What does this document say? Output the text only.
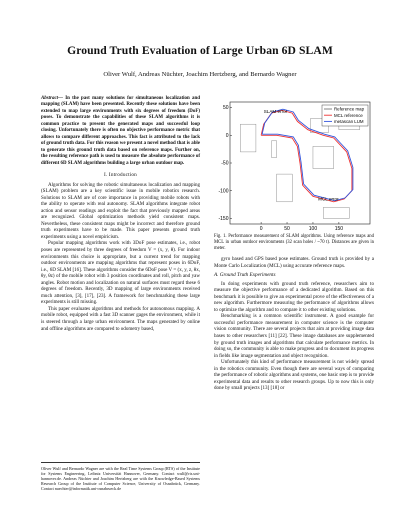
Ground Truth Evaluation of Large Urban 6D SLAM
Oliver Wulf, Andreas Nüchter, Joachim Hertzberg, and Bernardo Wagner

Abstract— In the past many solutions for simultaneous localization and mapping (SLAM) have been presented. Recently these solutions have been extended to map large environments with six degrees of freedom (DoF) poses. To demonstrate the capabilities of these SLAM algorithms it is common practice to present the generated maps and successful loop closing. Unfortunately there is often no objective performance metric that allows to compare different approaches. This fact is attributed to the lack of ground truth data. For this reason we present a novel method that is able to generate this ground truth data based on reference maps. Further on, the resulting reference path is used to measure the absolute performance of different 6D SLAM algorithms building a large urban outdoor map.

I. Introduction

Algorithms for solving the robotic simultaneous localization and mapping (SLAM) problem are a key scientific issue in mobile robotics research. Solutions to SLAM are of core importance in providing mobile robots with the ability to operate with real autonomy. SLAM algorithms integrate robot action and sensor readings and exploit the fact that previously mapped areas are recognized. Global optimization methods yield consistent maps. Nevertheless, these consistent maps might be incorrect and therefore ground truth experiments have to be made. This paper presents ground truth experiments using a novel empiricism.

Popular mapping algorithms work with 3DoF pose estimates, i.e., robot poses are represented by three degrees of freedom V = (x, y, θ). For indoor environments this choice is appropriate, but a current trend for mapping outdoor environments are mapping algorithms that represent poses in 6DoF, i.e., 6D SLAM [16]. These algorithms consider the 6DoF pose V = (x, y, z, θx, θy, θz) of the mobile robot with 3 position coordinates and roll, pitch and yaw angles. Robot motion and localization on natural surfaces must regard these 6 degrees of freedom. Recently, 3D mapping of large environments received much attention, [3], [17], [23]. A framework for benchmarking these large experiments is still missing.

This paper evaluates algorithms and methods for autonomous mapping. A mobile robot, equipped with a fast 3D scanner gages the environment, while it is steered through a large urban environment. The maps generated by online and offline algorithms are compared to odometry based,

Oliver Wulf and Bernardo Wagner are with the Real Time Systems Group (RTS) of the Institute for Systems Engineering, Leibniz Universität Hannover, Germany. Contact wulf@rts.uni-hannover.de. Andreas Nüchter and Joachim Hertzberg are with the Knowledge-Based Systems Research Group of the Institute of Computer Science, University of Osnabrück, Germany. Contact nuechter@informatik.uni-osnabrueck.de
0	50	100	150
50
0
-50
-100
-150
SLAM error
MCL error
Reference map
MCL reference
metascan LUM

Fig. 1. Performance measurement of SLAM algorithms. Using reference maps and MCL in urban outdoor environments (32 scan holes / ~70 t). Distances are given in meter.

gyro based and GPS based pose estimates. Ground truth is provided by a Monte Carlo Localization (MCL) using accurate reference maps.

A. Ground Truth Experiments

In doing experiments with ground truth reference, researchers aim to measure the objective performance of a dedicated algorithm. Based on this benchmark it is possible to give an experimental prove of the effectiveness of a new algorithm. Furthermore measuring the performance of algorithms allows to optimize the algorithm and to compare it to other existing solutions.

Benchmarking is a common scientific instrument. A good example for successful performance measurement in computer science is the computer vision community. There are several projects that aim at providing image data bases to other researchers [11] [22]. These image databases are supplemented by ground truth images and algorithms that calculate performance metrics. In doing so, the community is able to make progress and to document its progress in fields like image segmentation and object recognition.

Unfortunately this kind of performance measurement is not widely spread in the robotics community. Even though there are several ways of comparing the performance of robotic algorithms and systems, one basic step is to provide experimental data and results to other research groups. Up to now this is only done by small projects [13] [18] or
